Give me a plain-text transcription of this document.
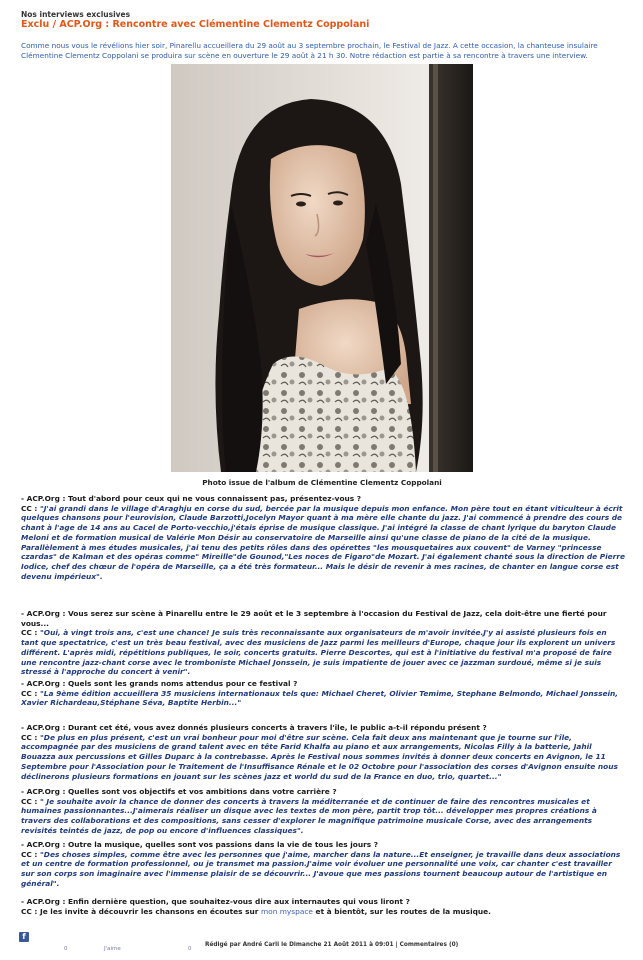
Nos interviews exclusives
Exclu / ACP.Org : Rencontre avec Clémentine Clementz Coppolani
Comme nous vous le révélions hier soir, Pinarellu accueillera du 29 août au 3 septembre prochain, le Festival de Jazz. A cette occasion, la chanteuse insulaire Clémentine Clementz Coppolani se produira sur scène en ouverture le 29 août à 21 h 30. Notre rédaction est partie à sa rencontre à travers une interview.
Photo issue de l'album de Clémentine Clementz Coppolani
- ACP.Org : Tout d'abord pour ceux qui ne vous connaissent pas, présentez-vous ?
CC : "J'ai grandi dans le village d'Araghju en corse du sud, bercée par la musique depuis mon enfance. Mon père tout en étant viticulteur à écrit quelques chansons pour l'eurovision, Claude Barzotti,Jocelyn Mayor quant à ma mère elle chante du jazz. J'ai commencé à prendre des cours de chant à l'age de 14 ans au Cacel de Porto-vecchio,j'étais éprise de musique classique. J'ai intégré la classe de chant lyrique du baryton Claude Meloni et de formation musical de Valérie Mon Désir au conservatoire de Marseille ainsi qu'une classe de piano de la cité de la musique. Parallèlement à mes études musicales, j'ai tenu des petits rôles dans des opérettes "les mousquetaires aux couvent" de Varney "princesse czardas" de Kalman et des opéras comme" Mireille"de Gounod,"Les noces de Figaro"de Mozart. J'ai également chanté sous la direction de Pierre Iodice, chef des chœur de l'opéra de Marseille, ça a été très formateur... Mais le désir de revenir à mes racines, de chanter en langue corse est devenu impérieux".
- ACP.Org : Vous serez sur scène à Pinarellu entre le 29 août et le 3 septembre à l'occasion du Festival de Jazz, cela doit-être une fierté pour vous...
CC : "Oui, à vingt trois ans, c'est une chance! Je suis très reconnaissante aux organisateurs de m'avoir invitée.J'y ai assisté plusieurs fois en tant que spectatrice, c'est un très beau festival, avec des musiciens de Jazz parmi les meilleurs d'Europe, chaque jour ils explorent un univers différent. L'après midi, répétitions publiques, le soir, concerts gratuits. Pierre Descortes, qui est à l'initiative du festival m'a proposé de faire une rencontre jazz-chant corse avec le tromboniste Michael Jonssein, je suis impatiente de jouer avec ce jazzman surdoué, même si je suis stressé à l'approche du concert à venir".
- ACP.Org : Quels sont les grands noms attendus pour ce festival ?
CC : "La 9ème édition accueillera 35 musiciens internationaux tels que: Michael Cheret, Olivier Temime, Stephane Belmondo, Michael Jonssein, Xavier Richardeau,Stéphane Séva, Baptite Herbin..."
- ACP.Org : Durant cet été, vous avez donnés plusieurs concerts à travers l'île, le public a-t-il répondu présent ?
CC : "De plus en plus présent, c'est un vrai bonheur pour moi d'être sur scène. Cela fait deux ans maintenant que je tourne sur l'île, accompagnée par des musiciens de grand talent avec en tête Farid Khalfa au piano et aux arrangements, Nicolas Filly à la batterie, Jahil Bouazza aux percussions et Gilles Duparc à la contrebasse. Après le Festival nous sommes invités à donner deux concerts en Avignon, le 11 Septembre pour l'Association pour le Traitement de l'Insuffisance Rénale et le 02 Octobre pour l'association des corses d'Avignon ensuite nous déclinerons plusieurs formations en jouant sur les scènes jazz et world du sud de la France en duo, trio, quartet..."
- ACP.Org : Quelles sont vos objectifs et vos ambitions dans votre carrière ?
CC : " Je souhaite avoir la chance de donner des concerts à travers la méditerranée et de continuer de faire des rencontres musicales et humaines passionnantes...J'aimerais réaliser un disque avec les textes de mon père, partit trop tôt... développer mes propres créations à travers des collaborations et des compositions, sans cesser d'explorer le magnifique patrimoine musicale Corse, avec des arrangements revisités teintés de jazz, de pop ou encore d'influences classiques".
- ACP.Org : Outre la musique, quelles sont vos passions dans la vie de tous les jours ?
CC : "Des choses simples, comme être avec les personnes que j'aime, marcher dans la nature...Et enseigner, je travaille dans deux associations et un centre de formation professionnel, ou je transmet ma passion.J'aime voir évoluer une personnalité une voix, car chanter c'est travailler sur son corps son imaginaire avec l'immense plaisir de se découvrir... J'avoue que mes passions tournent beaucoup autour de l'artistique en général".
- ACP.Org : Enfin dernière question, que souhaitez-vous dire aux internautes qui vous liront ?
CC : Je les invite à découvrir les chansons en écoutes sur mon myspace et à bientôt, sur les routes de la musique.
f
0	J'aime	0
Rédigé par André Carli le Dimanche 21 Août 2011 à 09:01 | Commentaires (0)
